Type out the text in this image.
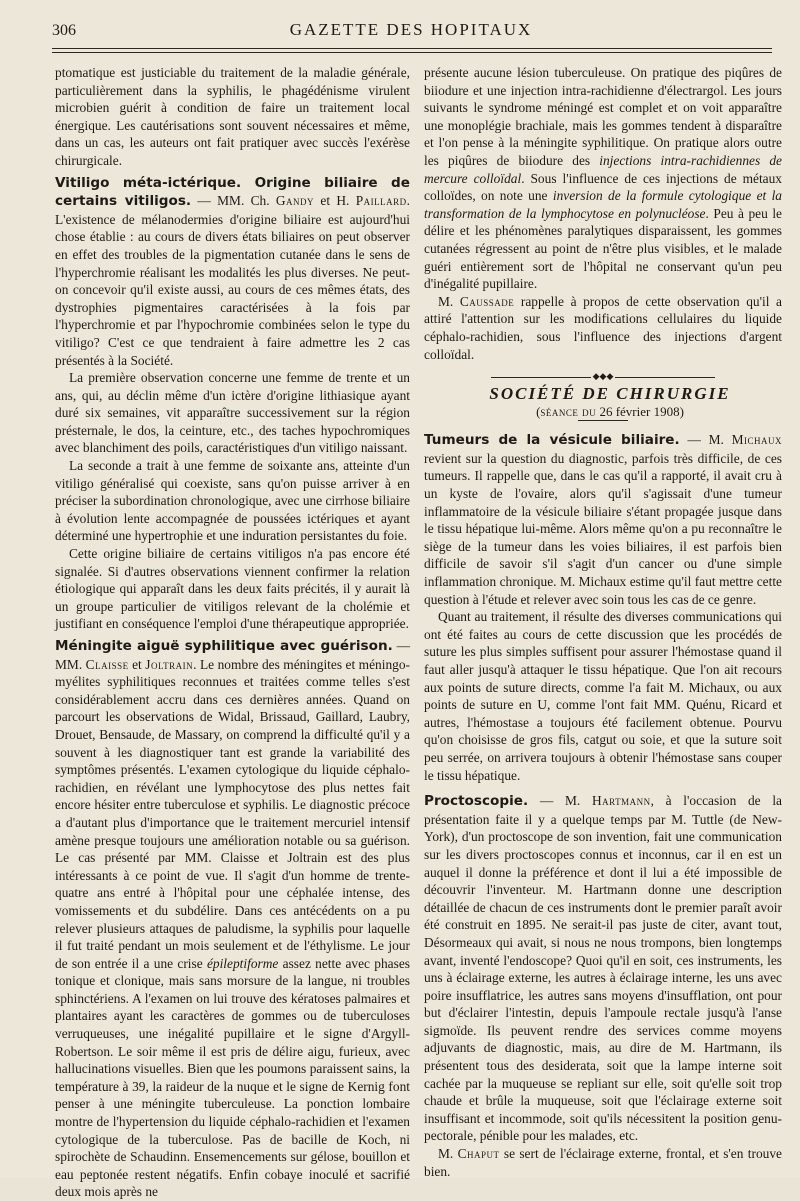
306	GAZETTE DES HOPITAUX

ptomatique est justiciable du traitement de la maladie générale, particulièrement dans la syphilis, le phagédénisme virulent microbien guérit à condition de faire un traitement local énergique. Les cautérisations sont souvent nécessaires et même, dans un cas, les auteurs ont fait pratiquer avec succès l'exérèse chirurgicale.

Vitiligo méta-ictérique. Origine biliaire de certains vitiligos. — MM. Ch. Gandy et H. Paillard. L'existence de mélanodermies d'origine biliaire est aujourd'hui chose établie : au cours de divers états biliaires on peut observer en effet des troubles de la pigmentation cutanée dans le sens de l'hyperchromie réalisant les modalités les plus diverses. Ne peut-on concevoir qu'il existe aussi, au cours de ces mêmes états, des dystrophies pigmentaires caractérisées à la fois par l'hyperchromie et par l'hypochromie combinées selon le type du vitiligo? C'est ce que tendraient à faire admettre les 2 cas présentés à la Société.

La première observation concerne une femme de trente et un ans, qui, au déclin même d'un ictère d'origine lithiasique ayant duré six semaines, vit apparaître successivement sur la région présternale, le dos, la ceinture, etc., des taches hypochromiques avec blanchiment des poils, caractéristiques d'un vitiligo naissant.

La seconde a trait à une femme de soixante ans, atteinte d'un vitiligo généralisé qui coexiste, sans qu'on puisse arriver à en préciser la subordination chronologique, avec une cirrhose biliaire à évolution lente accompagnée de poussées ictériques et ayant déterminé une hypertrophie et une induration persistantes du foie.

Cette origine biliaire de certains vitiligos n'a pas encore été signalée. Si d'autres observations viennent confirmer la relation étiologique qui apparaît dans les deux faits précités, il y aurait là un groupe particulier de vitiligos relevant de la cholémie et justifiant en conséquence l'emploi d'une thérapeutique appropriée.

Méningite aiguë syphilitique avec guérison. — MM. Claisse et Joltrain. Le nombre des méningites et méningo-myélites syphilitiques reconnues et traitées comme telles s'est considérablement accru dans ces dernières années. Quand on parcourt les observations de Widal, Brissaud, Gaillard, Laubry, Drouet, Bensaude, de Massary, on comprend la difficulté qu'il y a souvent à les diagnostiquer tant est grande la variabilité des symptômes présentés. L'examen cytologique du liquide céphalo-rachidien, en révélant une lymphocytose des plus nettes fait encore hésiter entre tuberculose et syphilis. Le diagnostic précoce a d'autant plus d'importance que le traitement mercuriel intensif amène presque toujours une amélioration notable ou sa guérison. Le cas présenté par MM. Claisse et Joltrain est des plus intéressants à ce point de vue. Il s'agit d'un homme de trente-quatre ans entré à l'hôpital pour une céphalée intense, des vomissements et du subdélire. Dans ces antécédents on a pu relever plusieurs attaques de paludisme, la syphilis pour laquelle il fut traité pendant un mois seulement et de l'éthylisme. Le jour de son entrée il a une crise épileptiforme assez nette avec phases tonique et clonique, mais sans morsure de la langue, ni troubles sphinctériens. A l'examen on lui trouve des kératoses palmaires et plantaires ayant les caractères de gommes ou de tuberculoses verruqueuses, une inégalité pupillaire et le signe d'Argyll-Robertson. Le soir même il est pris de délire aigu, furieux, avec hallucinations visuelles. Bien que les poumons paraissent sains, la température à 39, la raideur de la nuque et le signe de Kernig font penser à une méningite tuberculeuse. La ponction lombaire montre de l'hypertension du liquide céphalo-rachidien et l'examen cytologique de la tuberculose. Pas de bacille de Koch, ni spirochète de Schaudinn. Ensemencements sur gélose, bouillon et eau peptonée restent négatifs. Enfin cobaye inoculé et sacrifié deux mois après ne

présente aucune lésion tuberculeuse. On pratique des piqûres de biiodure et une injection intra-rachidienne d'électrargol. Les jours suivants le syndrome méningé est complet et on voit apparaître une monoplégie brachiale, mais les gommes tendent à disparaître et l'on pense à la méningite syphilitique. On pratique alors outre les piqûres de biiodure des injections intra-rachidiennes de mercure colloïdal. Sous l'influence de ces injections de métaux colloïdes, on note une inversion de la formule cytologique et la transformation de la lymphocytose en polynucléose. Peu à peu le délire et les phénomènes paralytiques disparaissent, les gommes cutanées régressent au point de n'être plus visibles, et le malade guéri entièrement sort de l'hôpital ne conservant qu'un peu d'inégalité pupillaire.

M. Caussade rappelle à propos de cette observation qu'il a attiré l'attention sur les modifications cellulaires du liquide céphalo-rachidien, sous l'influence des injections d'argent colloïdal.

◆◆◆

SOCIÉTÉ DE CHIRURGIE

(séance du 26 février 1908)

Tumeurs de la vésicule biliaire. — M. Michaux revient sur la question du diagnostic, parfois très difficile, de ces tumeurs. Il rappelle que, dans le cas qu'il a rapporté, il avait cru à un kyste de l'ovaire, alors qu'il s'agissait d'une tumeur inflammatoire de la vésicule biliaire s'étant propagée jusque dans le tissu hépatique lui-même. Alors même qu'on a pu reconnaître le siège de la tumeur dans les voies biliaires, il est parfois bien difficile de savoir s'il s'agit d'un cancer ou d'une simple inflammation chronique. M. Michaux estime qu'il faut mettre cette question à l'étude et relever avec soin tous les cas de ce genre.

Quant au traitement, il résulte des diverses communications qui ont été faites au cours de cette discussion que les procédés de suture les plus simples suffisent pour assurer l'hémostase quand il faut aller jusqu'à attaquer le tissu hépatique. Que l'on ait recours aux points de suture directs, comme l'a fait M. Michaux, ou aux points de suture en U, comme l'ont fait MM. Quénu, Ricard et autres, l'hémostase a toujours été facilement obtenue. Pourvu qu'on choisisse de gros fils, catgut ou soie, et que la suture soit peu serrée, on arrivera toujours à obtenir l'hémostase sans couper le tissu hépatique.

Proctoscopie. — M. Hartmann, à l'occasion de la présentation faite il y a quelque temps par M. Tuttle (de New-York), d'un proctoscope de son invention, fait une communication sur les divers proctoscopes connus et inconnus, car il en est un auquel il donne la préférence et dont il lui a été impossible de découvrir l'inventeur. M. Hartmann donne une description détaillée de chacun de ces instruments dont le premier paraît avoir été construit en 1895. Ne serait-il pas juste de citer, avant tout, Désormeaux qui avait, si nous ne nous trompons, bien longtemps avant, inventé l'endoscope? Quoi qu'il en soit, ces instruments, les uns à éclairage externe, les autres à éclairage interne, les uns avec poire insufflatrice, les autres sans moyens d'insufflation, ont pour but d'éclairer l'intestin, depuis l'ampoule rectale jusqu'à l'anse sigmoïde. Ils peuvent rendre des services comme moyens adjuvants de diagnostic, mais, au dire de M. Hartmann, ils présentent tous des desiderata, soit que la lampe interne soit cachée par la muqueuse se repliant sur elle, soit qu'elle soit trop chaude et brûle la muqueuse, soit que l'éclairage externe soit insuffisant et incommode, soit qu'ils nécessitent la position genu-pectorale, pénible pour les malades, etc.

M. Chaput se sert de l'éclairage externe, frontal, et s'en trouve bien.
